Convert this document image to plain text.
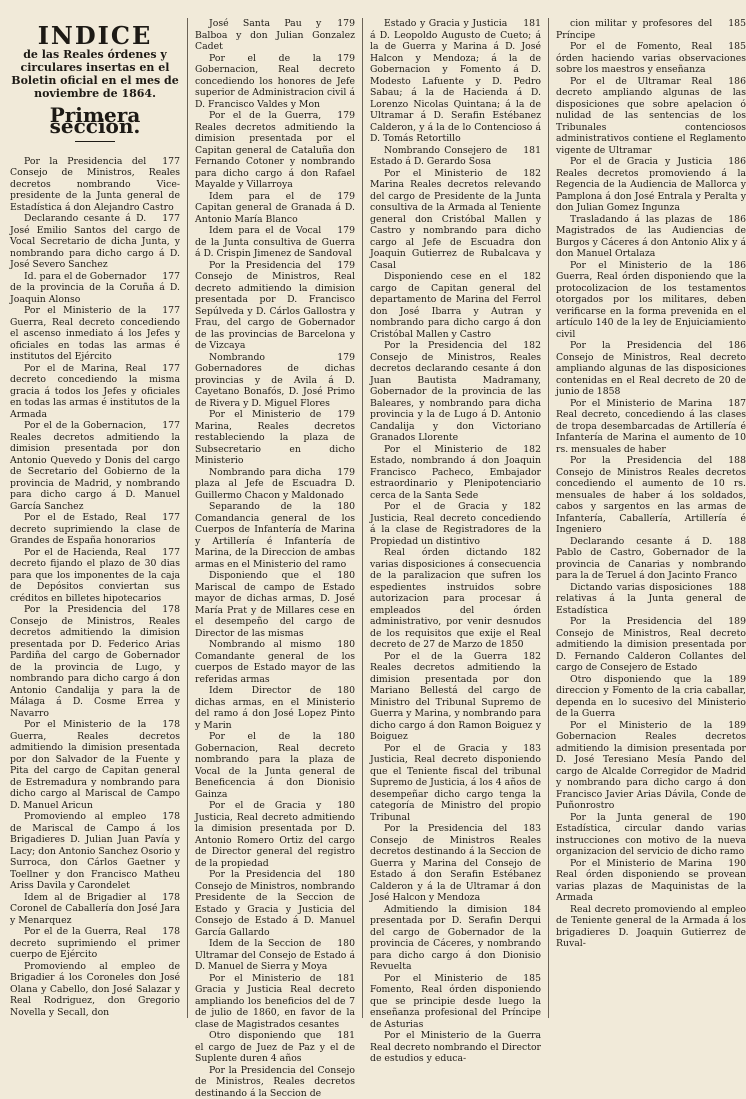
INDICE
de las Reales órdenes y circulares insertas en el Boletin oficial en el mes de noviembre de 1864.
Primera seccion.

177
Por la Presidencia del Consejo de Ministros, Reales decretos nombrando Vice-presidente de la Junta general de Estadística á don Alejandro Castro

177
Declarando cesante á D. José Emilio Santos del cargo de Vocal Secretario de dicha Junta, y nombrando para dicho cargo á D. José Severo Sanchez

177
Id. para el de Gobernador de la provincia de la Coruña á D. Joaquin Alonso

177
Por el Ministerio de la Guerra, Real decreto concediendo el ascenso inmediato á los Jefes y oficiales en todas las armas é institutos del Ejército

177
Por el de Marina, Real decreto concediendo la misma gracia á todos los Jefes y oficiales en todas las armas é institutos de la Armada

177
Por el de la Gobernacion, Reales decretos admitiendo la dimision presentada por don Antonio Quevedo y Donis del cargo de Secretario del Gobierno de la provincia de Madrid, y nombrando para dicho cargo á D. Manuel García Sanchez

177
Por el de Estado, Real decreto suprimiendo la clase de Grandes de España honorarios

177
Por el de Hacienda, Real decreto fijando el plazo de 30 dias para que los imponentes de la caja de Depósitos conviertan sus créditos en billetes hipotecarios

178
Por la Presidencia del Consejo de Ministros, Reales decretos admitiendo la dimision presentada por D. Federico Arias Pardiña del cargo de Gobernador de la provincia de Lugo, y nombrando para dicho cargo á don Antonio Candalija y para la de Málaga á D. Cosme Errea y Navarro

178
Por el Ministerio de la Guerra, Reales decretos admitiendo la dimision presentada por don Salvador de la Fuente y Pita del cargo de Capitan general de Estremadura y nombrando para dicho cargo al Mariscal de Campo D. Manuel Aricun

178
Promoviendo al empleo de Mariscal de Campo á los Brigadieres D. Julian Juan Pavía y Lacy; don Antonio Sanchez Osorio y Surroca, don Cárlos Gaetner y Toellner y don Francisco Matheu Ariss Davila y Carondelet

178
Idem al de Brigadier al Coronel de Caballería don José Jara y Menarquez

178
Por el de la Guerra, Real decreto suprimiendo el primer cuerpo de Ejército

Promoviendo al empleo de Brigadier á los Coroneles don José Olana y Cabello, don José Salazar y Real Rodriguez, don Gregorio Novella y Secall, don

179
José Santa Pau y Balboa y don Julian Gonzalez Cadet

179
Por el de la Gobernacion, Real decreto concediendo los honores de Jefe superior de Administracion civil á D. Francisco Valdes y Mon

179
Por el de la Guerra, Reales decretos admitiendo la dimision presentada por el Capitan general de Cataluña don Fernando Cotoner y nombrando para dicho cargo á don Rafael Mayalde y Villarroya

179
Idem para el de Capitan general de Granada á D. Antonio María Blanco

179
Idem para el de Vocal de la Junta consultiva de Guerra á D. Crispin Jimenez de Sandoval

179
Por la Presidencia del Consejo de Ministros, Real decreto admitiendo la dimision presentada por D. Francisco Sepúlveda y D. Cárlos Gallostra y Frau, del cargo de Gobernador de las provincias de Barcelona y de Vizcaya

179
Nombrando Gobernadores de dichas provincias y de Avila á D. Cayetano Bonafós, D. José Primo de Rivera y D. Miguel Flores

179
Por el Ministerio de Marina, Reales decretos restableciendo la plaza de Subsecretario en dicho Ministerio

179
Nombrando para dicha plaza al Jefe de Escuadra D. Guillermo Chacon y Maldonado

180
Separando de la Comandancia general de los Cuerpos de Infantería de Marina y Artillería é Infantería de Marina, de la Direccion de ambas armas en el Ministerio del ramo

180
Disponiendo que el Mariscal de campo de Estado mayor de dichas armas, D. José María Prat y de Millares cese en el desempeño del cargo de Director de las mismas

180
Nombrando al mismo Comandante general de los cuerpos de Estado mayor de las referidas armas

180
Idem Director de dichas armas, en el Ministerio del ramo á don José Lopez Pinto y Marin

180
Por el de la Gobernacion, Real decreto nombrando para la plaza de Vocal de la Junta general de Beneficencia á don Dionisio Gainza

180
Por el de Gracia y Justicia, Real decreto admitiendo la dimision presentada por D. Antonio Romero Ortiz del cargo de Director general del registro de la propiedad

180
Por la Presidencia del Consejo de Ministros, nombrando Presidente de la Seccion de Estado y Gracia y Justicia del Consejo de Estado á D. Manuel García Gallardo

180
Idem de la Seccion de Ultramar del Consejo de Estado á D. Manuel de Sierra y Moya

181
Por el Ministerio de Gracia y Justicia Real decreto ampliando los beneficios del de 7 de julio de 1860, en favor de la clase de Magistrados cesantes

181
Otro disponiendo que el cargo de Juez de Paz y el de Suplente duren 4 años

Por la Presidencia del Consejo de Ministros, Reales decretos destinando á la Seccion de

181
Estado y Gracia y Justicia á D. Leopoldo Augusto de Cueto; á la de Guerra y Marina á D. José Halcon y Mendoza; á la de Gobernacion y Fomento á D. Modesto Lafuente y D. Pedro Sabau; á la de Hacienda á D. Lorenzo Nicolas Quintana; á la de Ultramar á D. Serafin Estébanez Calderon, y á la de lo Contencioso á D. Tomás Retortillo

181
Nombrando Consejero de Estado á D. Gerardo Sosa

182
Por el Ministerio de Marina Reales decretos relevando del cargo de Presidente de la Junta consultiva de la Armada al Teniente general don Cristóbal Mallen y Castro y nombrando para dicho cargo al Jefe de Escuadra don Joaquin Gutierrez de Rubalcava y Casal

182
Disponiendo cese en el cargo de Capitan general del departamento de Marina del Ferrol don José Ibarra y Autran y nombrando para dicho cargo á don Cristóbal Mallen y Castro

182
Por la Presidencia del Consejo de Ministros, Reales decretos declarando cesante á don Juan Bautista Madramany, Gobernador de la provincia de las Baleares, y nombrando para dicha provincia y la de Lugo á D. Antonio Candalija y don Victoriano Granados Llorente

182
Por el Ministerio de Estado, nombrando á don Joaquin Francisco Pacheco, Embajador estraordinario y Plenipotenciario cerca de la Santa Sede

182
Por el de Gracia y Justicia, Real decreto concediendo á la clase de Registradores de la Propiedad un distintivo

182
Real órden dictando varias disposiciones á consecuencia de la paralizacion que sufren los espedientes instruidos sobre autorizacion para procesar á empleados del órden administrativo, por venir desnudos de los requisitos que exije el Real decreto de 27 de Marzo de 1850

182
Por el de la Guerra Reales decretos admitiendo la dimision presentada por don Mariano Bellestá del cargo de Ministro del Tribunal Supremo de Guerra y Marina, y nombrando para dicho cargo á don Ramon Boiguez y Boiguez

183
Por el de Gracia y Justicia, Real decreto disponiendo que el Teniente fiscal del tribunal Supremo de Justicia, á los 4 años de desempeñar dicho cargo tenga la categoría de Ministro del propio Tribunal

183
Por la Presidencia del Consejo de Ministros Reales decretos destinando á la Seccion de Guerra y Marina del Consejo de Estado á don Serafin Estébanez Calderon y á la de Ultramar á don José Halcon y Mendoza

184
Admitiendo la dimision presentada por D. Serafin Derqui del cargo de Gobernador de la provincia de Cáceres, y nombrando para dicho cargo á don Dionisio Revuelta

185
Por el Ministerio de Fomento, Real órden disponiendo que se principie desde luego la enseñanza profesional del Príncipe de Asturias

Por el Ministerio de la Guerra Real decreto nombrando el Director de estudios y educa-

185
cion militar y profesores del Príncipe

185
Por el de Fomento, Real órden haciendo varias observaciones sobre los maestros y enseñanza

186
Por el de Ultramar Real decreto ampliando algunas de las disposiciones que sobre apelacion ó nulidad de las sentencias de los Tribunales contenciosos administrativos contiene el Reglamento vigente de Ultramar

186
Por el de Gracia y Justicia Reales decretos promoviendo á la Regencia de la Audiencia de Mallorca y Pamplona á don José Entrala y Peralta y don Julian Gomez Ingunza

186
Trasladando á las plazas de Magistrados de las Audiencias de Burgos y Cáceres á don Antonio Alix y á don Manuel Ortalaza

186
Por el Ministerio de la Guerra, Real órden disponiendo que la protocolizacion de los testamentos otorgados por los militares, deben verificarse en la forma prevenida en el artículo 140 de la ley de Enjuiciamiento civil

186
Por la Presidencia del Consejo de Ministros, Real decreto ampliando algunas de las disposiciones contenidas en el Real decreto de 20 de junio de 1858

187
Por el Ministerio de Marina Real decreto, concediendo á las clases de tropa desembarcadas de Artillería é Infantería de Marina el aumento de 10 rs. mensuales de haber

188
Por la Presidencia del Consejo de Ministros Reales decretos concediendo el aumento de 10 rs. mensuales de haber á los soldados, cabos y sargentos en las armas de Infantería, Caballería, Artillería é Ingeniero

188
Declarando cesante á D. Pablo de Castro, Gobernador de la provincia de Canarias y nombrando para la de Teruel á don Jacinto Franco

188
Dictando varias disposiciones relativas á la Junta general de Estadística

189
Por la Presidencia del Consejo de Ministros, Real decreto admitiendo la dimision presentada por D. Fernando Calderon Collantes del cargo de Consejero de Estado

189
Otro disponiendo que la direccion y Fomento de la cria caballar, dependa en lo sucesivo del Ministerio de la Guerra

189
Por el Ministerio de la Gobernacion Reales decretos admitiendo la dimision presentada por D. José Teresiano Mesía Pando del cargo de Alcalde Corregidor de Madrid y nombrando para dicho cargo á don Francisco Javier Arias Dávila, Conde de Puñonrostro

190
Por la Junta general de Estadística, circular dando varias instrucciones con motivo de la nueva organizacion del servicio de dicho ramo

190
Por el Ministerio de Marina Real órden disponiendo se provean varias plazas de Maquinistas de la Armada

Real decreto promoviendo al empleo de Teniente general de la Armada á los brigadieres D. Joaquin Gutierrez de Ruval-
